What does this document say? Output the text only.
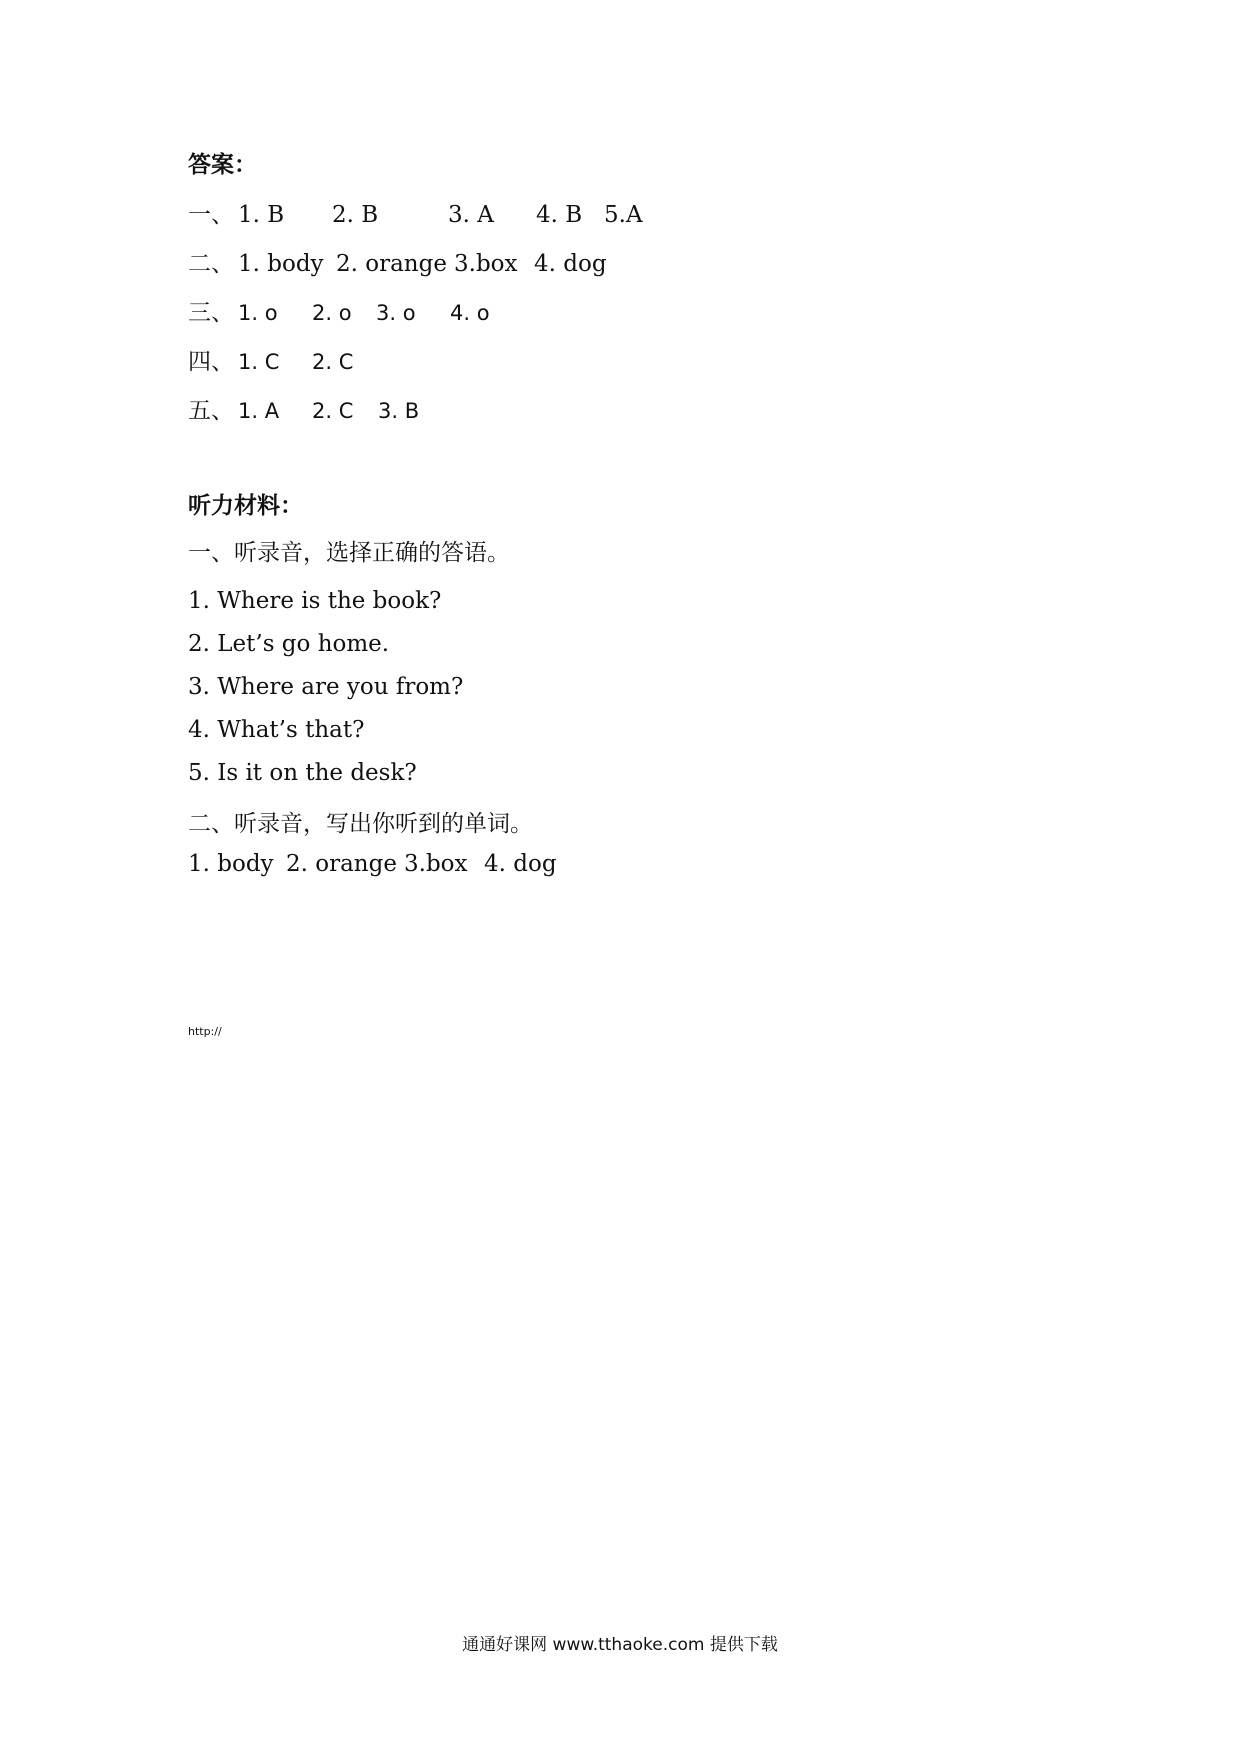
答案：

一、

1. B

2. B

	3. A

4. B

5.A

二、

1. body

2. orange

3.box

4. dog

三、

1. o

2. o

3. o

4. o

四、

1. C

2. C

五、

1. A

2. C

3. B

听力材料：
一、听录音，选择正确的答语。
1. Where is the book?
2. Let’s go home.
3. Where are you from?
4. What’s that?
5. Is it on the desk?
二、听录音，写出你听到的单词。

1. body

2. orange

3.box

4. dog

http://
通通好课网 www.tthaoke.com 提供下载
